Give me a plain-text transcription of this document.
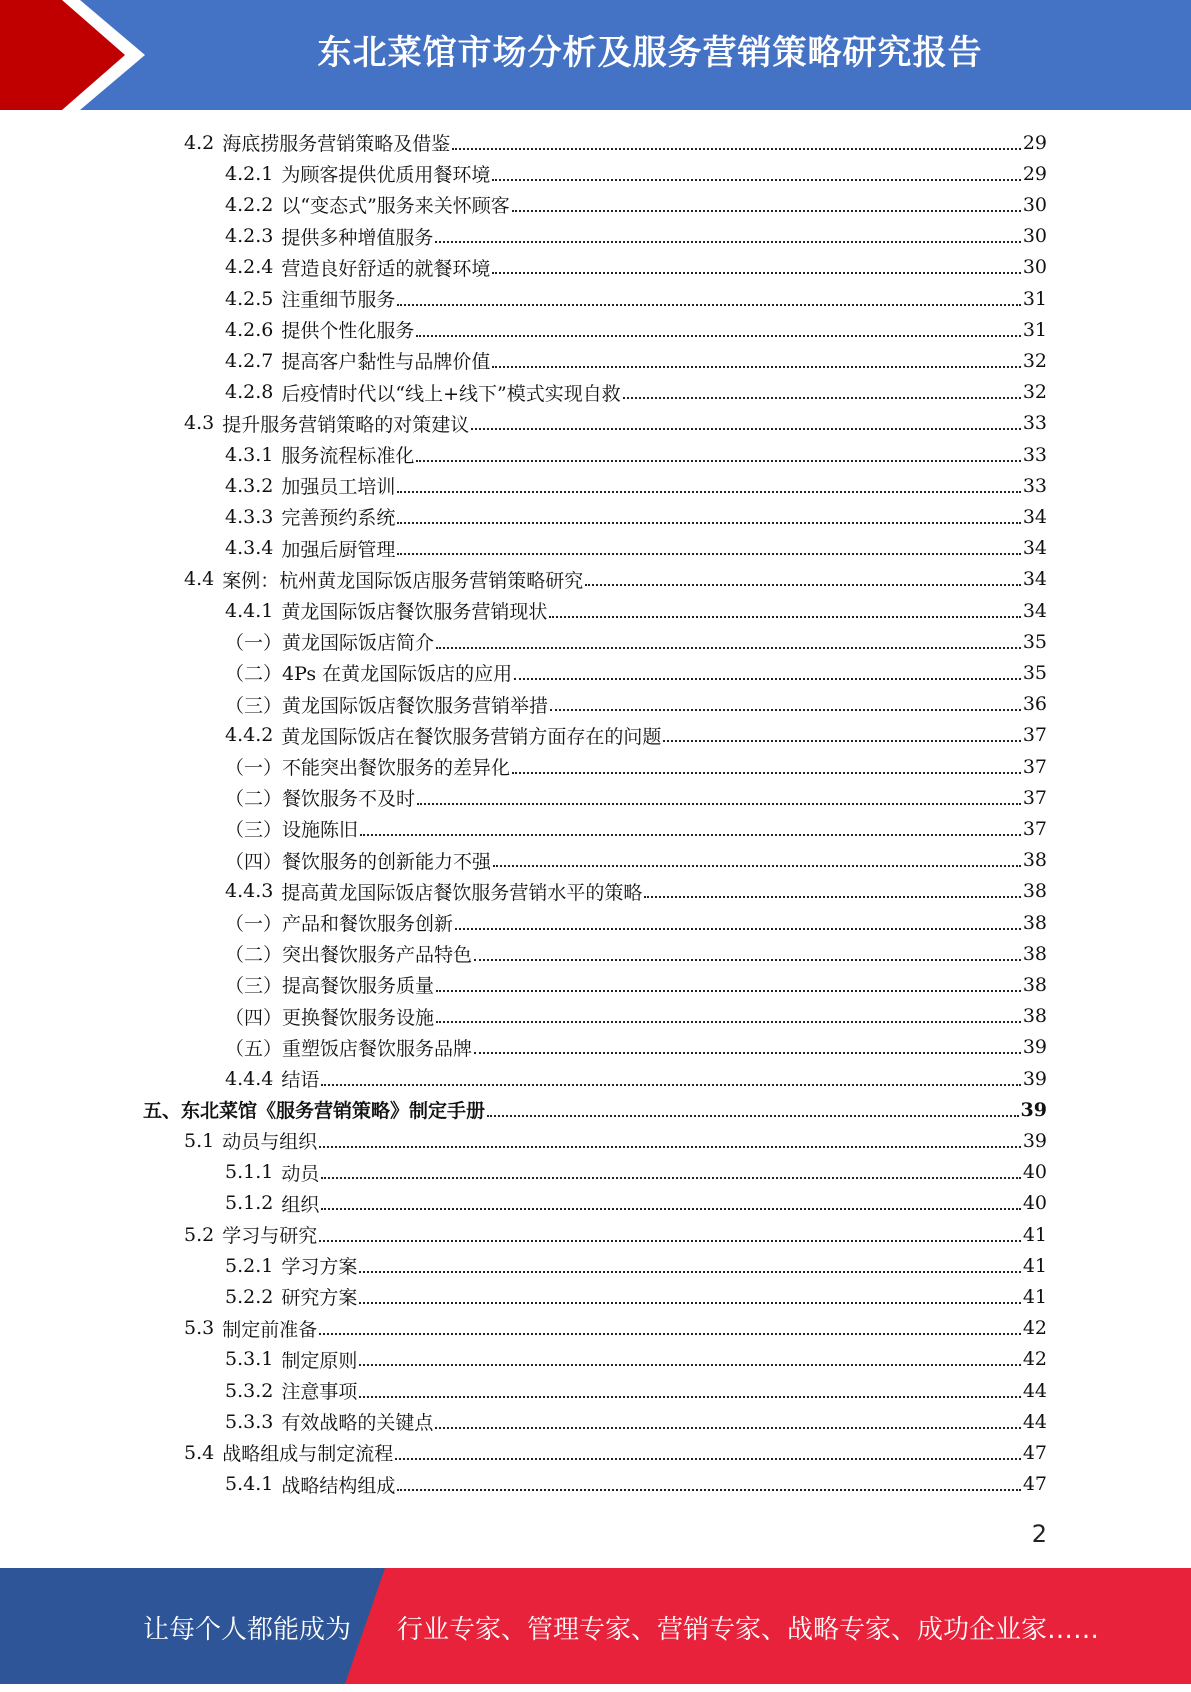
东北菜馆市场分析及服务营销策略研究报告
4.2 海底捞服务营销策略及借鉴	29
4.2.1 为顾客提供优质用餐环境	29
4.2.2 以“变态式”服务来关怀顾客	30
4.2.3 提供多种增值服务	30
4.2.4 营造良好舒适的就餐环境	30
4.2.5 注重细节服务	31
4.2.6 提供个性化服务	31
4.2.7 提高客户黏性与品牌价值	32
4.2.8 后疫情时代以“线上+线下”模式实现自救	32
4.3 提升服务营销策略的对策建议	33
4.3.1 服务流程标准化	33
4.3.2 加强员工培训	33
4.3.3 完善预约系统	34
4.3.4 加强后厨管理	34
4.4 案例：杭州黄龙国际饭店服务营销策略研究	34
4.4.1 黄龙国际饭店餐饮服务营销现状	34
（一）黄龙国际饭店简介	35
（二）4Ps 在黄龙国际饭店的应用	35
（三）黄龙国际饭店餐饮服务营销举措	36
4.4.2 黄龙国际饭店在餐饮服务营销方面存在的问题	37
（一）不能突出餐饮服务的差异化	37
（二）餐饮服务不及时	37
（三）设施陈旧	37
（四）餐饮服务的创新能力不强	38
4.4.3 提高黄龙国际饭店餐饮服务营销水平的策略	38
（一）产品和餐饮服务创新	38
（二）突出餐饮服务产品特色	38
（三）提高餐饮服务质量	38
（四）更换餐饮服务设施	38
（五）重塑饭店餐饮服务品牌	39
4.4.4 结语	39
五、东北菜馆《服务营销策略》制定手册	39
5.1 动员与组织	39
5.1.1 动员	40
5.1.2 组织	40
5.2 学习与研究	41
5.2.1 学习方案	41
5.2.2 研究方案	41
5.3 制定前准备	42
5.3.1 制定原则	42
5.3.2 注意事项	44
5.3.3 有效战略的关键点	44
5.4 战略组成与制定流程	47
5.4.1 战略结构组成	47
2
让每个人都能成为 行业专家、管理专家、营销专家、战略专家、成功企业家……
